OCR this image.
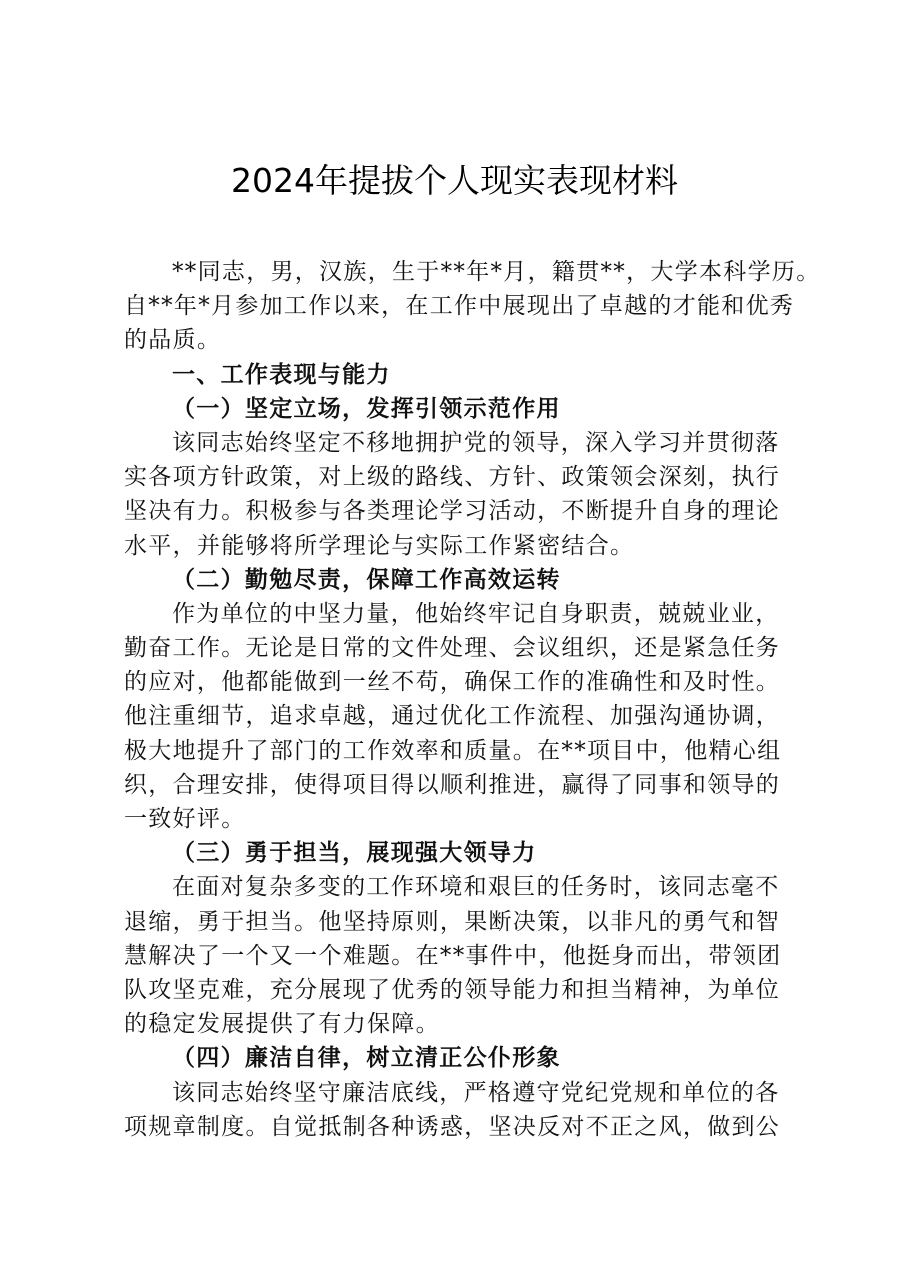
2024年提拔个人现实表现材料
**同志，男，汉族，生于**年*月，籍贯**，大学本科学历。
自**年*月参加工作以来，在工作中展现出了卓越的才能和优秀
的品质。
一、工作表现与能力
（一）坚定立场，发挥引领示范作用
该同志始终坚定不移地拥护党的领导，深入学习并贯彻落
实各项方针政策，对上级的路线、方针、政策领会深刻，执行
坚决有力。积极参与各类理论学习活动，不断提升自身的理论
水平，并能够将所学理论与实际工作紧密结合。
（二）勤勉尽责，保障工作高效运转
作为单位的中坚力量，他始终牢记自身职责，兢兢业业，
勤奋工作。无论是日常的文件处理、会议组织，还是紧急任务
的应对，他都能做到一丝不苟，确保工作的准确性和及时性。
他注重细节，追求卓越，通过优化工作流程、加强沟通协调，
极大地提升了部门的工作效率和质量。在**项目中，他精心组
织，合理安排，使得项目得以顺利推进，赢得了同事和领导的
一致好评。
（三）勇于担当，展现强大领导力
在面对复杂多变的工作环境和艰巨的任务时，该同志毫不
退缩，勇于担当。他坚持原则，果断决策，以非凡的勇气和智
慧解决了一个又一个难题。在**事件中，他挺身而出，带领团
队攻坚克难，充分展现了优秀的领导能力和担当精神，为单位
的稳定发展提供了有力保障。
（四）廉洁自律，树立清正公仆形象
该同志始终坚守廉洁底线，严格遵守党纪党规和单位的各
项规章制度。自觉抵制各种诱惑，坚决反对不正之风，做到公
